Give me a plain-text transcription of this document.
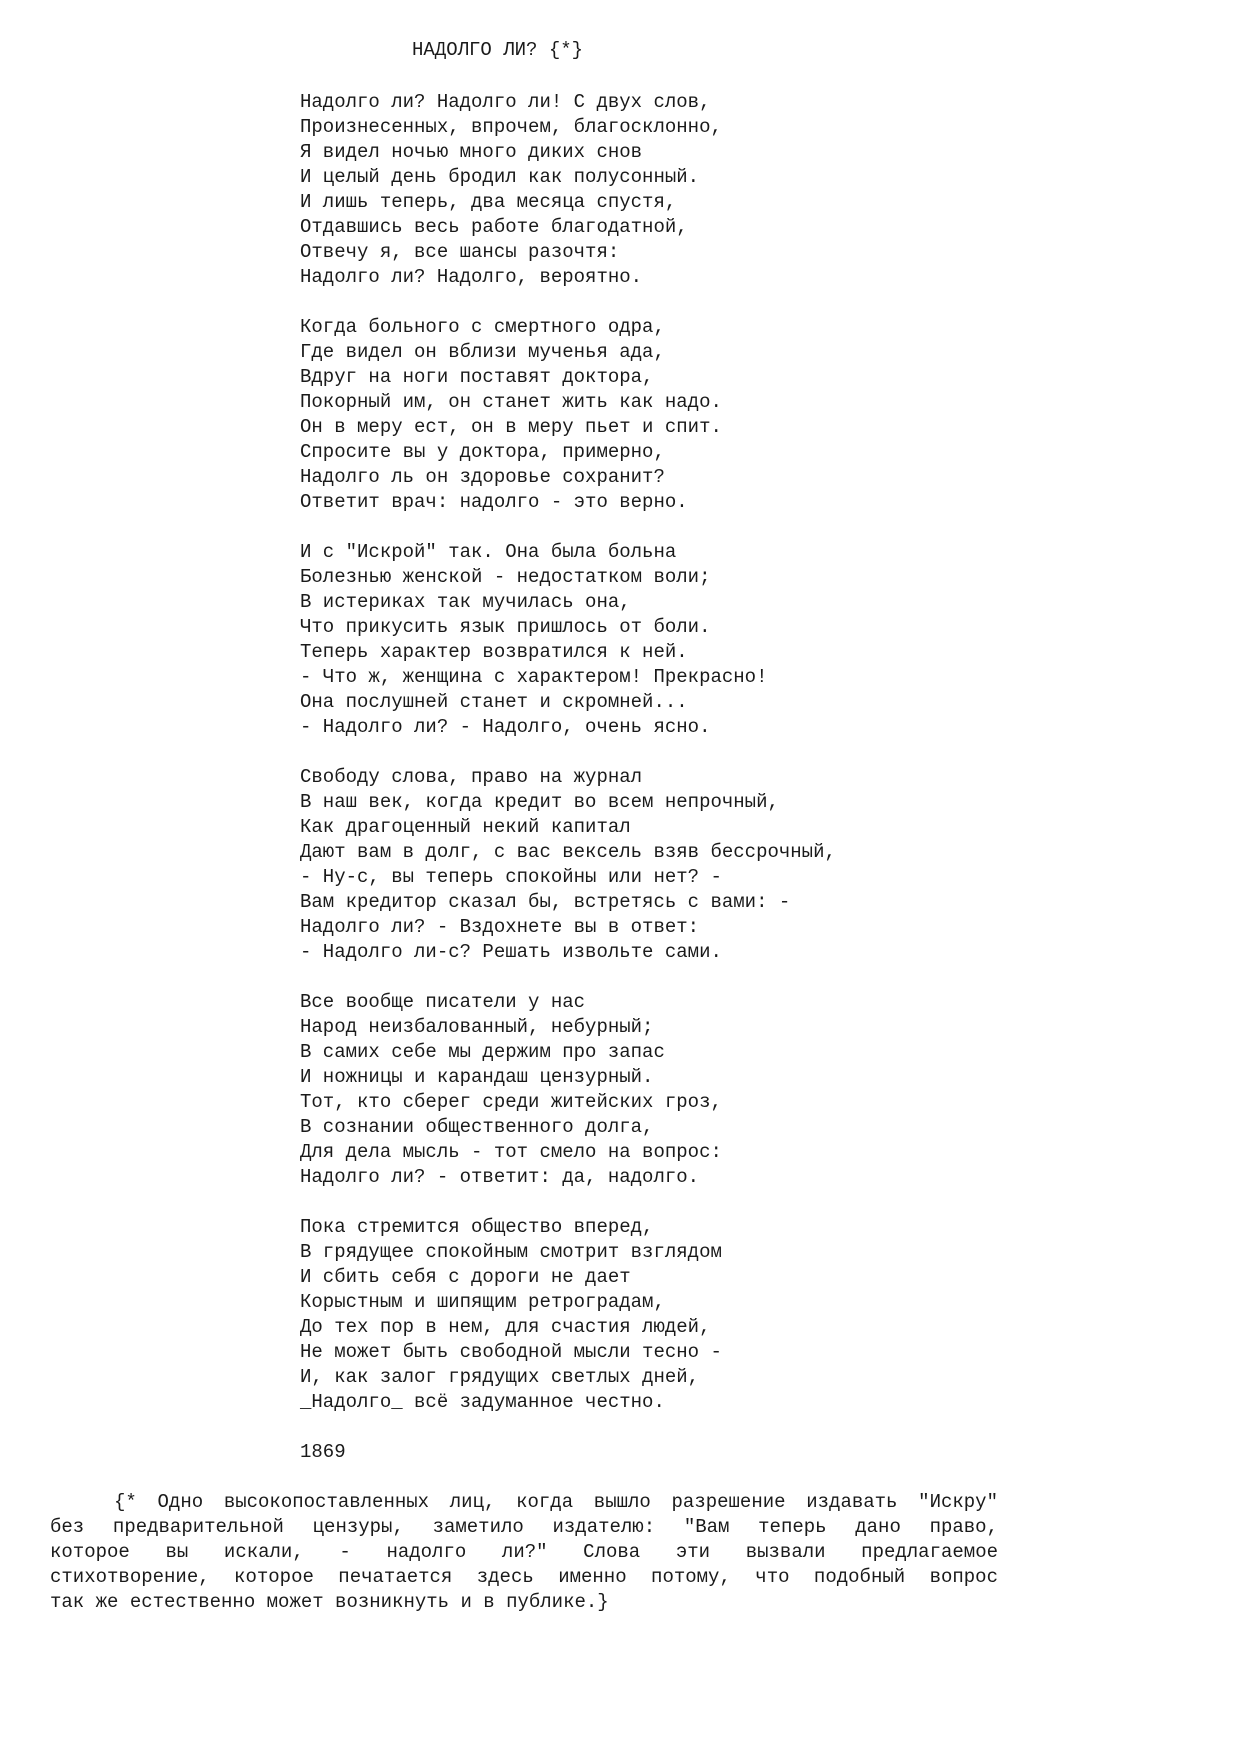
НАДОЛГО ЛИ? {*}
Надолго ли? Надолго ли! С двух слов,
Произнесенных, впрочем, благосклонно,
Я видел ночью много диких снов
И целый день бродил как полусонный.
И лишь теперь, два месяца спустя,
Отдавшись весь работе благодатной,
Отвечу я, все шансы разочтя:
Надолго ли? Надолго, вероятно.
Когда больного с смертного одра,
Где видел он вблизи мученья ада,
Вдруг на ноги поставят доктора,
Покорный им, он станет жить как надо.
Он в меру ест, он в меру пьет и спит.
Спросите вы у доктора, примерно,
Надолго ль он здоровье сохранит?
Ответит врач: надолго - это верно.
И с "Искрой" так. Она была больна
Болезнью женской - недостатком воли;
В истериках так мучилась она,
Что прикусить язык пришлось от боли.
Теперь характер возвратился к ней.
- Что ж, женщина с характером! Прекрасно!
Она послушней станет и скромней...
- Надолго ли? - Надолго, очень ясно.
Свободу слова, право на журнал
В наш век, когда кредит во всем непрочный,
Как драгоценный некий капитал
Дают вам в долг, с вас вексель взяв бессрочный,
- Ну-с, вы теперь спокойны или нет? -
Вам кредитор сказал бы, встретясь с вами: -
Надолго ли? - Вздохнете вы в ответ:
- Надолго ли-с? Решать извольте сами.
Все вообще писатели у нас
Народ неизбалованный, небурный;
В самих себе мы держим про запас
И ножницы и карандаш цензурный.
Тот, кто сберег среди житейских гроз,
В сознании общественного долга,
Для дела мысль - тот смело на вопрос:
Надолго ли? - ответит: да, надолго.
Пока стремится общество вперед,
В грядущее спокойным смотрит взглядом
И сбить себя с дороги не дает
Корыстным и шипящим ретроградам,
До тех пор в нем, для счастия людей,
Не может быть свободной мысли тесно -
И, как залог грядущих светлых дней,
_Надолго_ всё задуманное честно.
1869
{* Одно высокопоставленных лиц, когда вышло разрешение издавать "Искру"
без предварительной цензуры, заметило издателю: "Вам теперь дано право,
которое вы искали, - надолго ли?" Слова эти вызвали предлагаемое
стихотворение, которое печатается здесь именно потому, что подобный вопрос
так же естественно может возникнуть и в публике.}
